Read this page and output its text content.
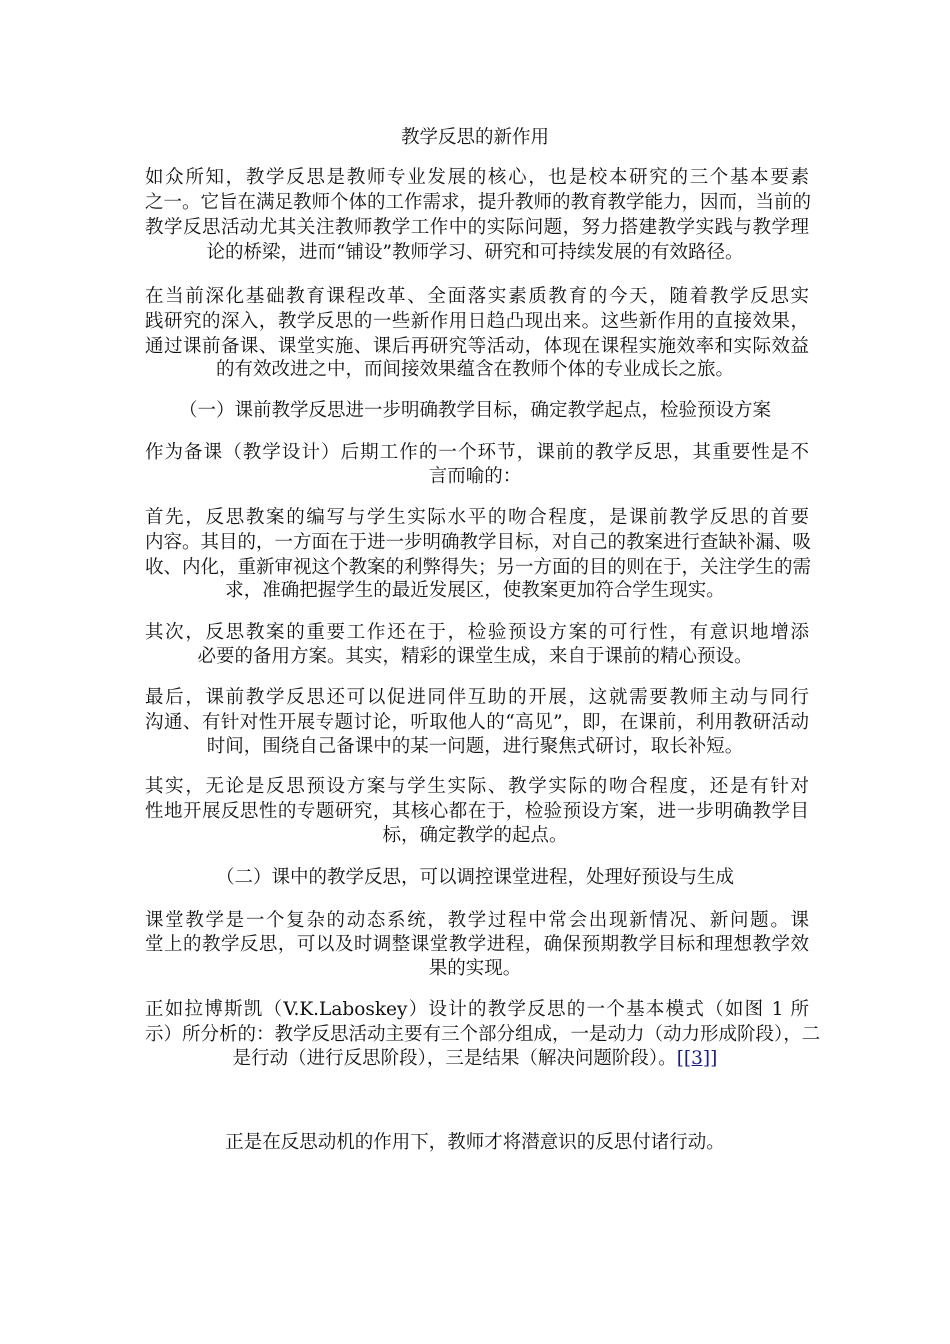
教学反思的新作用
如众所知，教学反思是教师专业发展的核心，也是校本研究的三个基本要素
之一。它旨在满足教师个体的工作需求，提升教师的教育教学能力，因而，当前的
教学反思活动尤其关注教师教学工作中的实际问题，努力搭建教学实践与教学理
论的桥梁，进而“铺设”教师学习、研究和可持续发展的有效路径。
在当前深化基础教育课程改革、全面落实素质教育的今天，随着教学反思实
践研究的深入，教学反思的一些新作用日趋凸现出来。这些新作用的直接效果，
通过课前备课、课堂实施、课后再研究等活动，体现在课程实施效率和实际效益
的有效改进之中，而间接效果蕴含在教师个体的专业成长之旅。
（一）课前教学反思进一步明确教学目标，确定教学起点，检验预设方案
作为备课（教学设计）后期工作的一个环节，课前的教学反思，其重要性是不
言而喻的：
首先，反思教案的编写与学生实际水平的吻合程度，是课前教学反思的首要
内容。其目的，一方面在于进一步明确教学目标，对自己的教案进行查缺补漏、吸
收、内化，重新审视这个教案的利弊得失；另一方面的目的则在于，关注学生的需
求，准确把握学生的最近发展区，使教案更加符合学生现实。
其次，反思教案的重要工作还在于，检验预设方案的可行性，有意识地增添
必要的备用方案。其实，精彩的课堂生成，来自于课前的精心预设。
最后，课前教学反思还可以促进同伴互助的开展，这就需要教师主动与同行
沟通、有针对性开展专题讨论，听取他人的“高见”，即，在课前，利用教研活动
时间，围绕自己备课中的某一问题，进行聚焦式研讨，取长补短。
其实，无论是反思预设方案与学生实际、教学实际的吻合程度，还是有针对
性地开展反思性的专题研究，其核心都在于，检验预设方案，进一步明确教学目
标，确定教学的起点。
（二）课中的教学反思，可以调控课堂进程，处理好预设与生成
课堂教学是一个复杂的动态系统，教学过程中常会出现新情况、新问题。课
堂上的教学反思，可以及时调整课堂教学进程，确保预期教学目标和理想教学效
果的实现。
正如拉博斯凯（V.K.Laboskey）设计的教学反思的一个基本模式（如图 1 所
示）所分析的：教学反思活动主要有三个部分组成，一是动力（动力形成阶段），二
是行动（进行反思阶段），三是结果（解决问题阶段）。[[3]]
正是在反思动机的作用下，教师才将潜意识的反思付诸行动。
